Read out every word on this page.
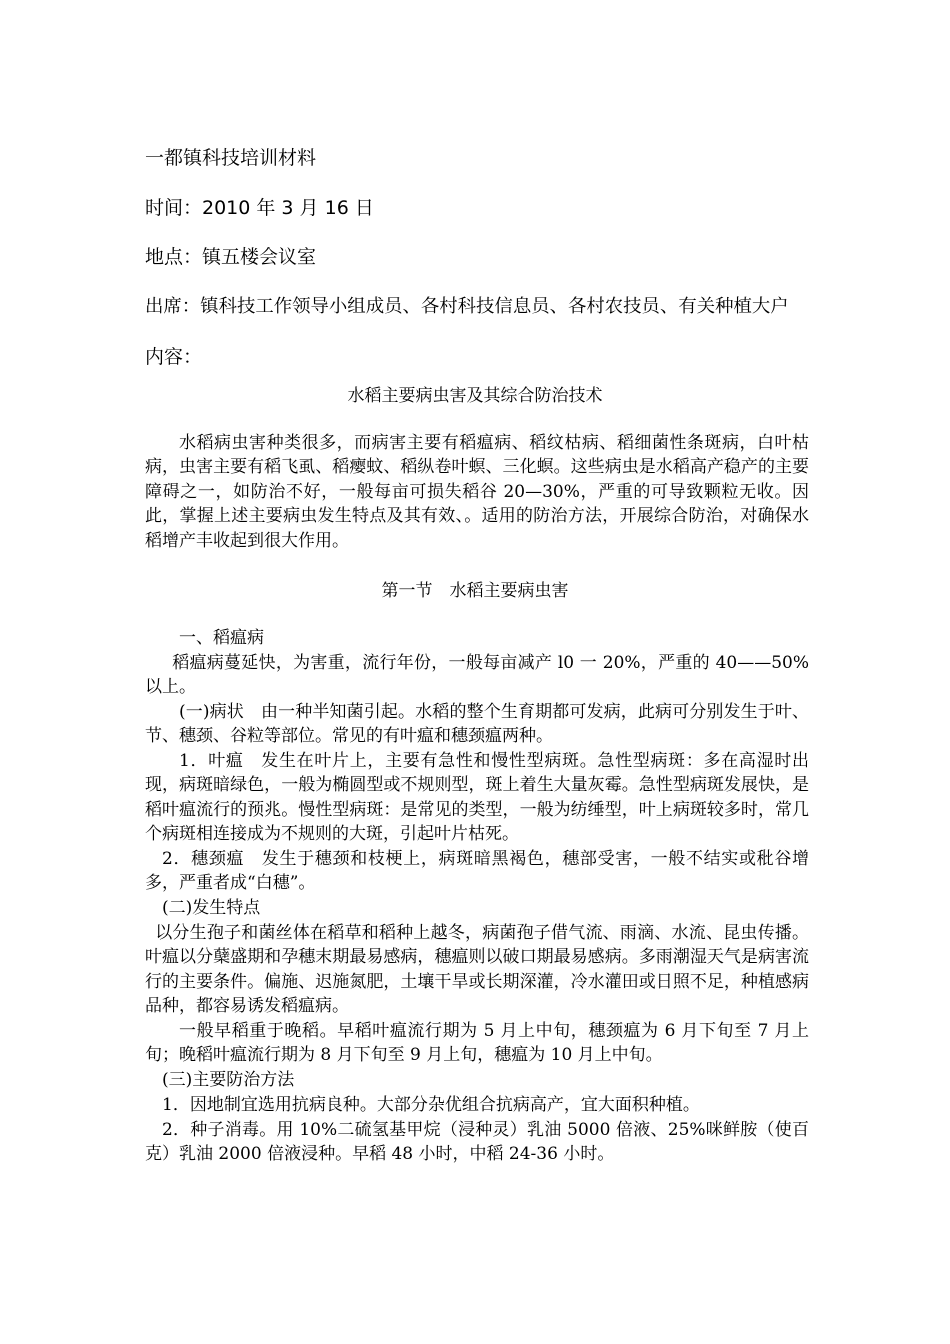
一都镇科技培训材料
时间：2010 年 3 月 16 日
地点：镇五楼会议室
出席：镇科技工作领导小组成员、各村科技信息员、各村农技员、有关种植大户
内容：
水稻主要病虫害及其综合防治技术
水稻病虫害种类很多，而病害主要有稻瘟病、稻纹枯病、稻细菌性条斑病，白叶枯病，虫害主要有稻飞虱、稻瘿蚊、稻纵卷叶螟、三化螟。这些病虫是水稻高产稳产的主要障碍之一，如防治不好，一般每亩可损失稻谷 20—30%，严重的可导致颗粒无收。因此，掌握上述主要病虫发生特点及其有效、。适用的防治方法，开展综合防治，对确保水稻增产丰收起到很大作用。
第一节　水稻主要病虫害
一、稻瘟病
稻瘟病蔓延快，为害重，流行年份，一般每亩减产 l0 一 20%，严重的 40——50%以上。
(一)病状　由一种半知菌引起。水稻的整个生育期都可发病，此病可分别发生于叶、节、穗颈、谷粒等部位。常见的有叶瘟和穗颈瘟两种。
1．叶瘟　发生在叶片上，主要有急性和慢性型病斑。急性型病斑：多在高湿时出现，病斑暗绿色，一般为椭圆型或不规则型，斑上着生大量灰霉。急性型病斑发展快，是稻叶瘟流行的预兆。慢性型病斑：是常见的类型，一般为纺缍型，叶上病斑较多时，常几个病斑相连接成为不规则的大斑，引起叶片枯死。
2．穗颈瘟　发生于穗颈和枝梗上，病斑暗黑褐色，穗部受害，一般不结实或秕谷增多，严重者成“白穗”。
(二)发生特点
以分生孢子和菌丝体在稻草和稻种上越冬，病菌孢子借气流、雨滴、水流、昆虫传播。叶瘟以分蘖盛期和孕穗末期最易感病，穗瘟则以破口期最易感病。多雨潮湿天气是病害流行的主要条件。偏施、迟施氮肥，土壤干旱或长期深灌，冷水灌田或日照不足，种植感病品种，都容易诱发稻瘟病。
一般早稻重于晚稻。早稻叶瘟流行期为 5 月上中旬，穗颈瘟为 6 月下旬至 7 月上旬；晚稻叶瘟流行期为 8 月下旬至 9 月上旬，穗瘟为 10 月上中旬。
(三)主要防治方法
1．因地制宜选用抗病良种。大部分杂优组合抗病高产，宜大面积种植。
2．种子消毒。用 10%二硫氢基甲烷（浸种灵）乳油 5000 倍液、25%咪鲜胺（使百克）乳油 2000 倍液浸种。早稻 48 小时，中稻 24-36 小时。
